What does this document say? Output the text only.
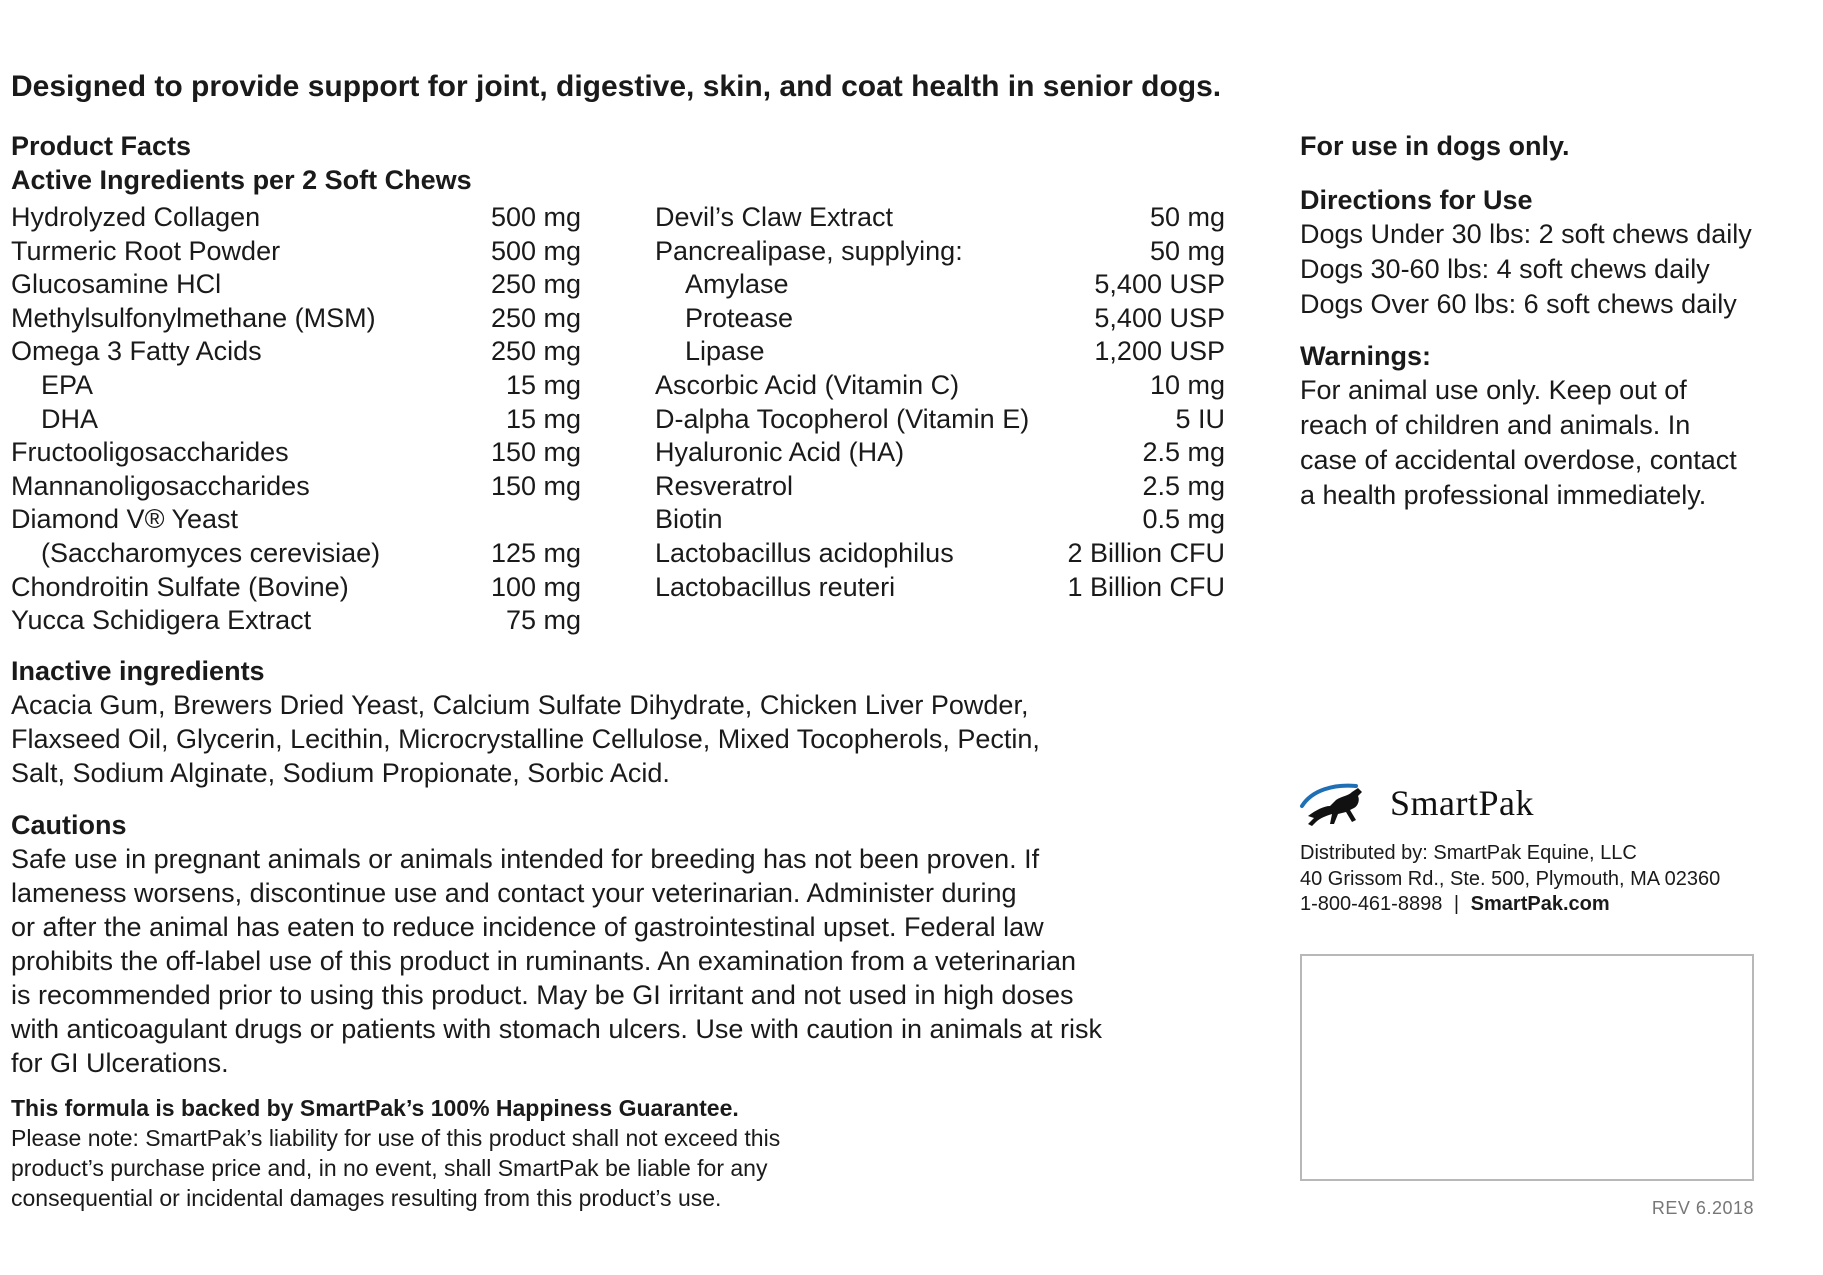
Designed to provide support for joint, digestive, skin, and coat health in senior dogs.
Product Facts
Active Ingredients per 2 Soft Chews
Hydrolyzed Collagen	500 mg
Turmeric Root Powder	500 mg
Glucosamine HCl	250 mg
Methylsulfonylmethane (MSM)	250 mg
Omega 3 Fatty Acids	250 mg
EPA	15 mg
DHA	15 mg
Fructooligosaccharides	150 mg
Mannanoligosaccharides	150 mg
Diamond V® Yeast
(Saccharomyces cerevisiae)	125 mg
Chondroitin Sulfate (Bovine)	100 mg
Yucca Schidigera Extract	75 mg
Devil’s Claw Extract	50 mg
Pancrealipase, supplying:	50 mg
Amylase	5,400 USP
Protease	5,400 USP
Lipase	1,200 USP
Ascorbic Acid (Vitamin C)	10 mg
D-alpha Tocopherol (Vitamin E)	5 IU
Hyaluronic Acid (HA)	2.5 mg
Resveratrol	2.5 mg
Biotin	0.5 mg
Lactobacillus acidophilus	2 Billion CFU
Lactobacillus reuteri	1 Billion CFU
Inactive ingredients
Acacia Gum, Brewers Dried Yeast, Calcium Sulfate Dihydrate, Chicken Liver Powder,
Flaxseed Oil, Glycerin, Lecithin, Microcrystalline Cellulose, Mixed Tocopherols, Pectin,
Salt, Sodium Alginate, Sodium Propionate, Sorbic Acid.
Cautions
Safe use in pregnant animals or animals intended for breeding has not been proven. If
lameness worsens, discontinue use and contact your veterinarian. Administer during
or after the animal has eaten to reduce incidence of gastrointestinal upset. Federal law
prohibits the off-label use of this product in ruminants. An examination from a veterinarian
is recommended prior to using this product. May be GI irritant and not used in high doses
with anticoagulant drugs or patients with stomach ulcers. Use with caution in animals at risk
for GI Ulcerations.
This formula is backed by SmartPak’s 100% Happiness Guarantee.
Please note: SmartPak’s liability for use of this product shall not exceed this
product’s purchase price and, in no event, shall SmartPak be liable for any
consequential or incidental damages resulting from this product’s use.
For use in dogs only.
Directions for Use
Dogs Under 30 lbs: 2 soft chews daily
Dogs 30-60 lbs: 4 soft chews daily
Dogs Over 60 lbs: 6 soft chews daily
Warnings:
For animal use only. Keep out of
reach of children and animals. In
case of accidental overdose, contact
a health professional immediately.
SmartPak
Distributed by: SmartPak Equine, LLC
40 Grissom Rd., Ste. 500, Plymouth, MA 02360
1-800-461-8898 | SmartPak.com
REV 6.2018
